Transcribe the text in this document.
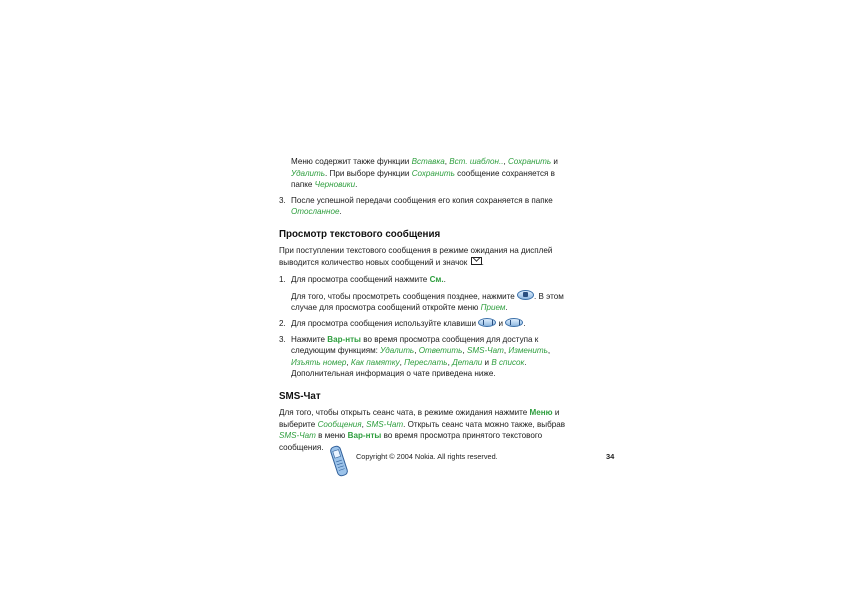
Меню содержит также функции Вставка, Вст. шаблон.., Сохранить и Удалить. При выборе функции Сохранить сообщение сохраняется в папке Черновики.

3. После успешной передачи сообщения его копия сохраняется в папке Отосланное.

Просмотр текстового сообщения

При поступлении текстового сообщения в режиме ожидания на дисплей выводится количество новых сообщений и значок .

1. Для просмотра сообщений нажмите См..

Для того, чтобы просмотреть сообщения позднее, нажмите . В этом случае для просмотра сообщений откройте меню Прием.

2. Для просмотра сообщения используйте клавиши	и	.

3. Нажмите Вар-нты во время просмотра сообщения для доступа к следующим функциям: Удалить, Ответить, SMS-Чат, Изменить, Изъять номер, Как памятку, Переслать, Детали и В список. Дополнительная информация о чате приведена ниже.

SMS-Чат

Для того, чтобы открыть сеанс чата, в режиме ожидания нажмите Меню и выберите Сообщения, SMS-Чат. Открыть сеанс чата можно также, выбрав SMS-Чат в меню Вар-нты во время просмотра принятого текстового сообщения.

Copyright © 2004 Nokia. All rights reserved.	34
